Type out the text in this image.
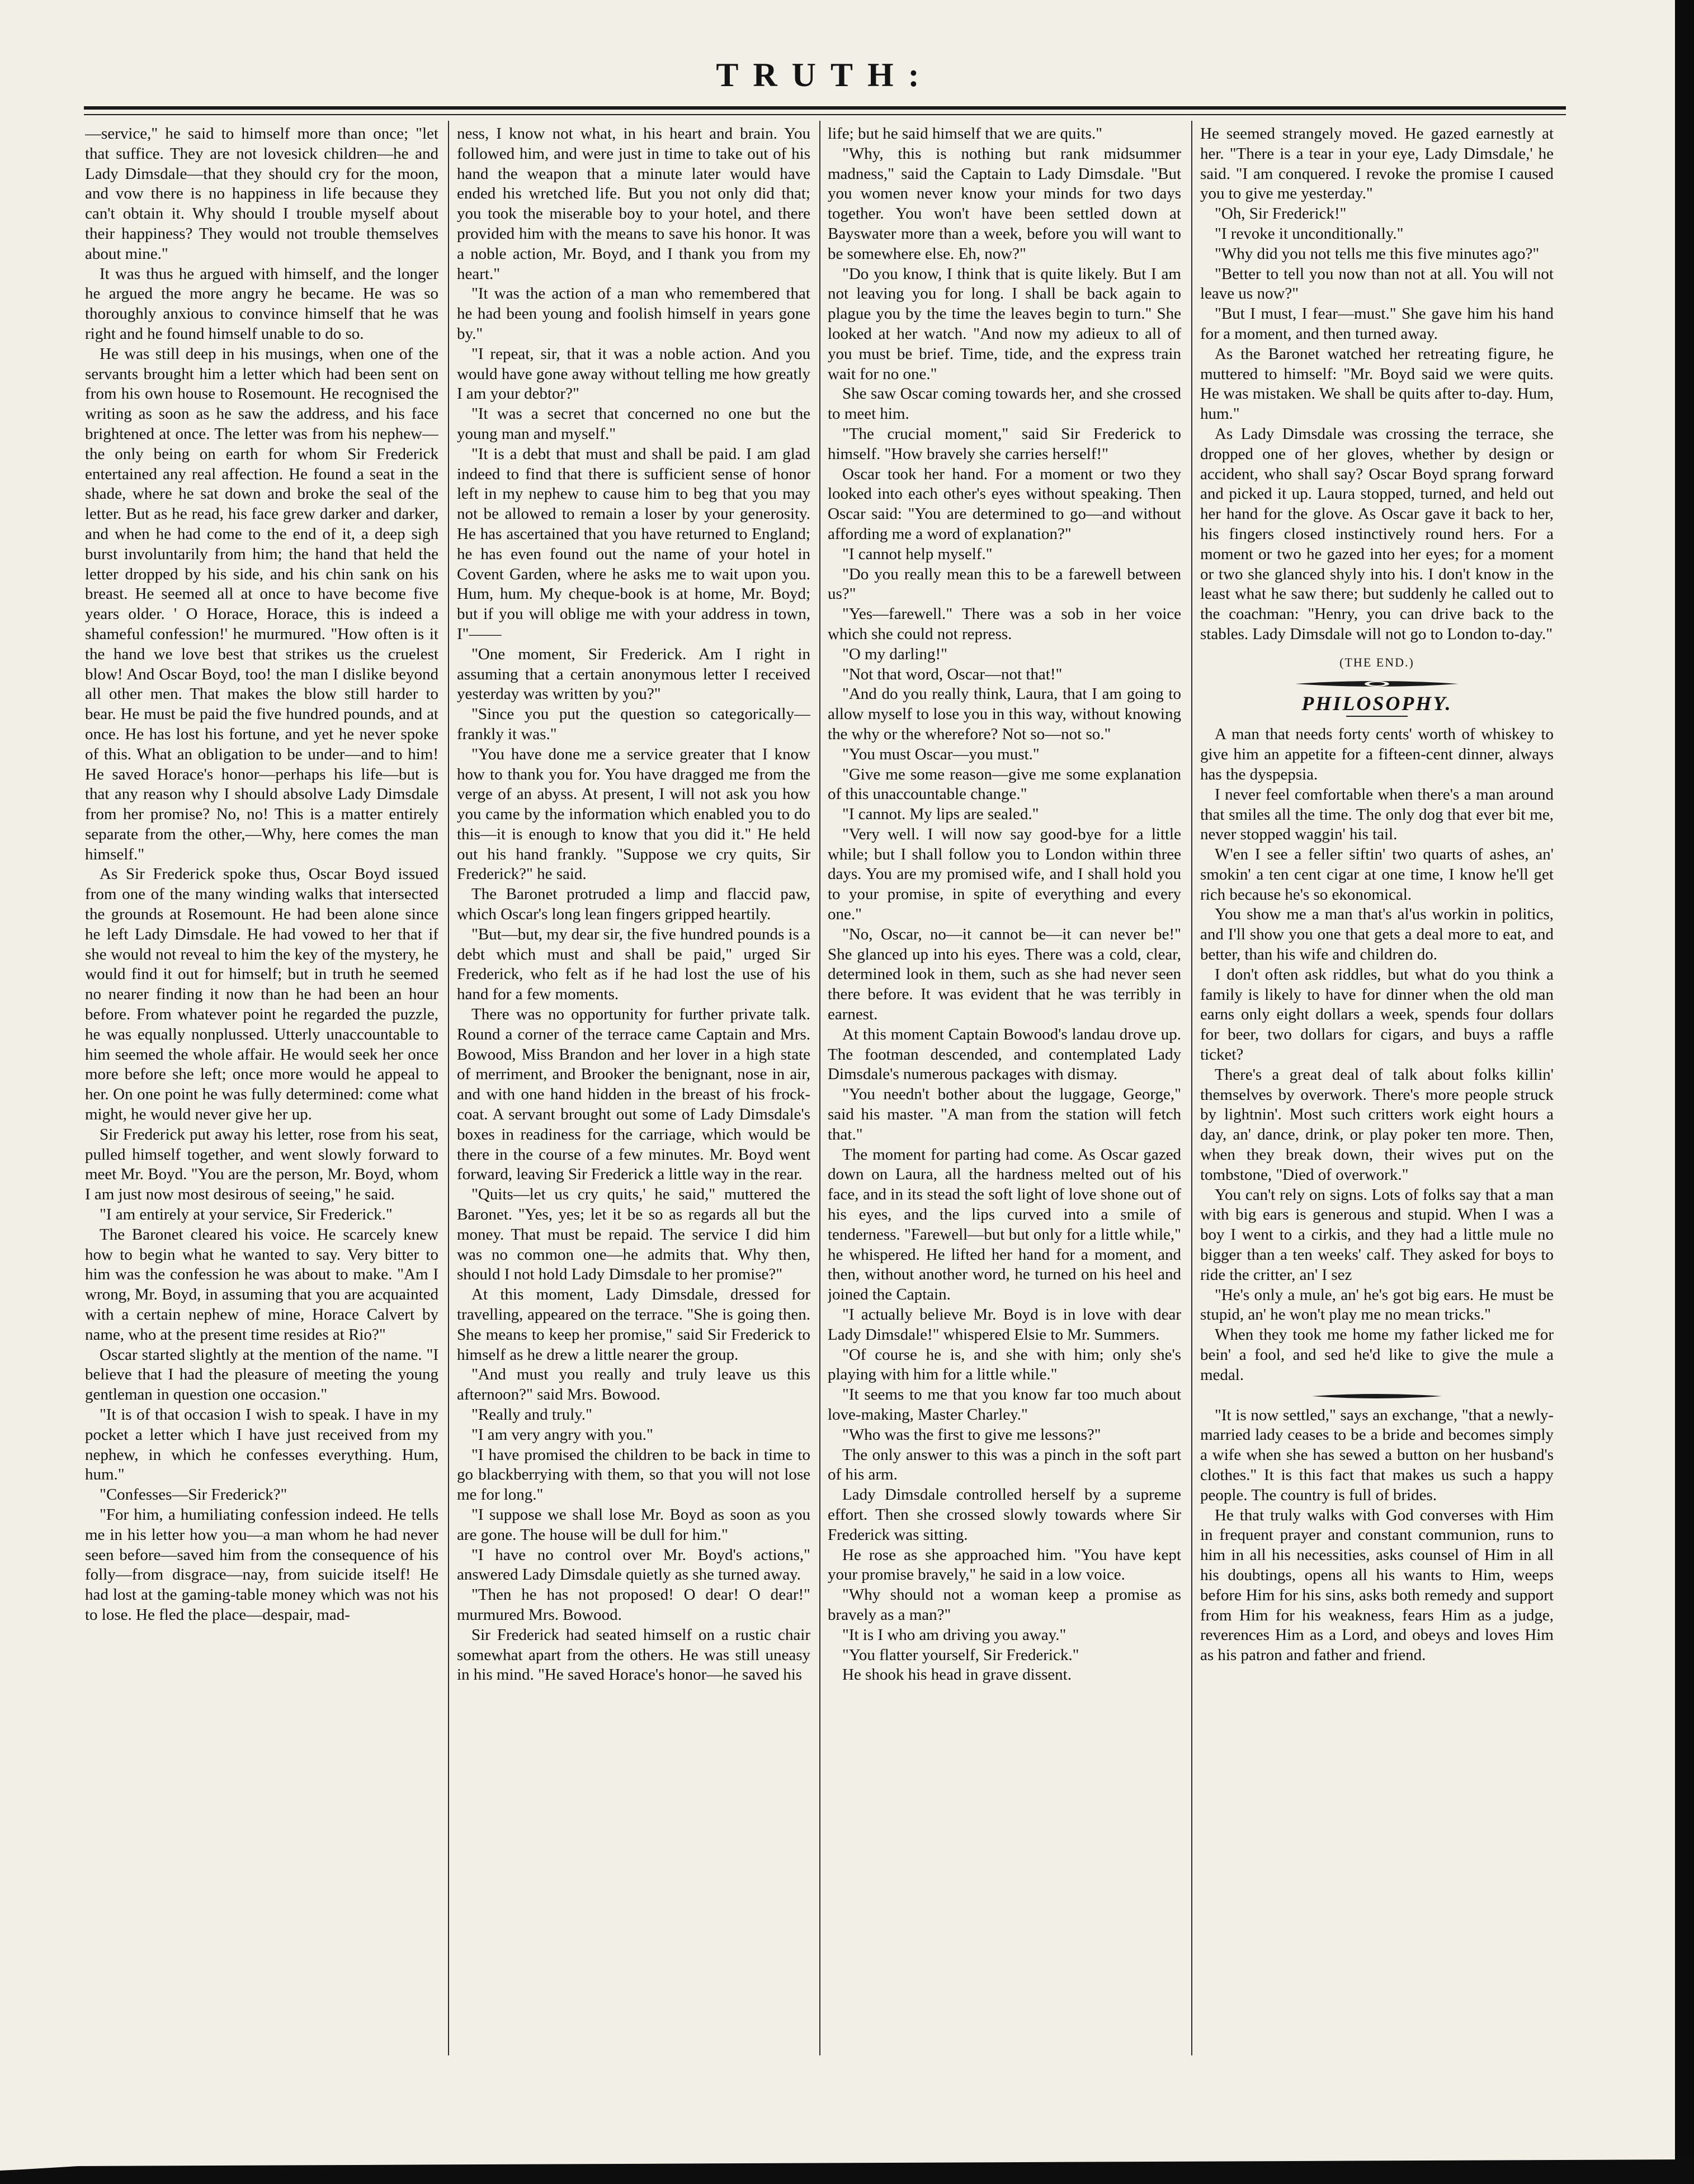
TRUTH:

—service," he said to himself more than once; "let that suffice. They are not lovesick children—he and Lady Dimsdale—that they should cry for the moon, and vow there is no happiness in life because they can't obtain it. Why should I trouble myself about their happiness? They would not trouble themselves about mine."

It was thus he argued with himself, and the longer he argued the more angry he became. He was so thoroughly anxious to convince himself that he was right and he found himself unable to do so.

He was still deep in his musings, when one of the servants brought him a letter which had been sent on from his own house to Rosemount. He recognised the writing as soon as he saw the address, and his face brightened at once. The letter was from his nephew—the only being on earth for whom Sir Frederick entertained any real affection. He found a seat in the shade, where he sat down and broke the seal of the letter. But as he read, his face grew darker and darker, and when he had come to the end of it, a deep sigh burst involuntarily from him; the hand that held the letter dropped by his side, and his chin sank on his breast. He seemed all at once to have become five years older. ' O Horace, Horace, this is indeed a shameful confession!' he murmured. "How often is it the hand we love best that strikes us the cruelest blow! And Oscar Boyd, too! the man I dislike beyond all other men. That makes the blow still harder to bear. He must be paid the five hundred pounds, and at once. He has lost his fortune, and yet he never spoke of this. What an obligation to be under—and to him! He saved Horace's honor—perhaps his life—but is that any reason why I should absolve Lady Dimsdale from her promise? No, no! This is a matter entirely separate from the other,—Why, here comes the man himself."

As Sir Frederick spoke thus, Oscar Boyd issued from one of the many winding walks that intersected the grounds at Rosemount. He had been alone since he left Lady Dimsdale. He had vowed to her that if she would not reveal to him the key of the mystery, he would find it out for himself; but in truth he seemed no nearer finding it now than he had been an hour before. From whatever point he regarded the puzzle, he was equally nonplussed. Utterly unaccountable to him seemed the whole affair. He would seek her once more before she left; once more would he appeal to her. On one point he was fully determined: come what might, he would never give her up.

Sir Frederick put away his letter, rose from his seat, pulled himself together, and went slowly forward to meet Mr. Boyd. "You are the person, Mr. Boyd, whom I am just now most desirous of seeing," he said.

"I am entirely at your service, Sir Frederick."

The Baronet cleared his voice. He scarcely knew how to begin what he wanted to say. Very bitter to him was the confession he was about to make. "Am I wrong, Mr. Boyd, in assuming that you are acquainted with a certain nephew of mine, Horace Calvert by name, who at the present time resides at Rio?"

Oscar started slightly at the mention of the name. "I believe that I had the pleasure of meeting the young gentleman in question one occasion."

"It is of that occasion I wish to speak. I have in my pocket a letter which I have just received from my nephew, in which he confesses everything. Hum, hum."

"Confesses—Sir Frederick?"

"For him, a humiliating confession indeed. He tells me in his letter how you—a man whom he had never seen before—saved him from the consequence of his folly—from disgrace—nay, from suicide itself! He had lost at the gaming-table money which was not his to lose. He fled the place—despair, mad-

ness, I know not what, in his heart and brain. You followed him, and were just in time to take out of his hand the weapon that a minute later would have ended his wretched life. But you not only did that; you took the miserable boy to your hotel, and there provided him with the means to save his honor. It was a noble action, Mr. Boyd, and I thank you from my heart."

"It was the action of a man who remembered that he had been young and foolish himself in years gone by."

"I repeat, sir, that it was a noble action. And you would have gone away without telling me how greatly I am your debtor?"

"It was a secret that concerned no one but the young man and myself."

"It is a debt that must and shall be paid. I am glad indeed to find that there is sufficient sense of honor left in my nephew to cause him to beg that you may not be allowed to remain a loser by your generosity. He has ascertained that you have returned to England; he has even found out the name of your hotel in Covent Garden, where he asks me to wait upon you. Hum, hum. My cheque-book is at home, Mr. Boyd; but if you will oblige me with your address in town, I"——

"One moment, Sir Frederick. Am I right in assuming that a certain anonymous letter I received yesterday was written by you?"

"Since you put the question so categorically—frankly it was."

"You have done me a service greater that I know how to thank you for. You have dragged me from the verge of an abyss. At present, I will not ask you how you came by the information which enabled you to do this—it is enough to know that you did it." He held out his hand frankly. "Suppose we cry quits, Sir Frederick?" he said.

The Baronet protruded a limp and flaccid paw, which Oscar's long lean fingers gripped heartily.

"But—but, my dear sir, the five hundred pounds is a debt which must and shall be paid," urged Sir Frederick, who felt as if he had lost the use of his hand for a few moments.

There was no opportunity for further private talk. Round a corner of the terrace came Captain and Mrs. Bowood, Miss Brandon and her lover in a high state of merriment, and Brooker the benignant, nose in air, and with one hand hidden in the breast of his frock-coat. A servant brought out some of Lady Dimsdale's boxes in readiness for the carriage, which would be there in the course of a few minutes. Mr. Boyd went forward, leaving Sir Frederick a little way in the rear.

"Quits—let us cry quits,' he said," muttered the Baronet. "Yes, yes; let it be so as regards all but the money. That must be repaid. The service I did him was no common one—he admits that. Why then, should I not hold Lady Dimsdale to her promise?"

At this moment, Lady Dimsdale, dressed for travelling, appeared on the terrace. "She is going then. She means to keep her promise," said Sir Frederick to himself as he drew a little nearer the group.

"And must you really and truly leave us this afternoon?" said Mrs. Bowood.

"Really and truly."

"I am very angry with you."

"I have promised the children to be back in time to go blackberrying with them, so that you will not lose me for long."

"I suppose we shall lose Mr. Boyd as soon as you are gone. The house will be dull for him."

"I have no control over Mr. Boyd's actions," answered Lady Dimsdale quietly as she turned away.

"Then he has not proposed! O dear! O dear!" murmured Mrs. Bowood.

Sir Frederick had seated himself on a rustic chair somewhat apart from the others. He was still uneasy in his mind. "He saved Horace's honor—he saved his

life; but he said himself that we are quits."

"Why, this is nothing but rank midsummer madness," said the Captain to Lady Dimsdale. "But you women never know your minds for two days together. You won't have been settled down at Bayswater more than a week, before you will want to be somewhere else. Eh, now?"

"Do you know, I think that is quite likely. But I am not leaving you for long. I shall be back again to plague you by the time the leaves begin to turn." She looked at her watch. "And now my adieux to all of you must be brief. Time, tide, and the express train wait for no one."

She saw Oscar coming towards her, and she crossed to meet him.

"The crucial moment," said Sir Frederick to himself. "How bravely she carries herself!"

Oscar took her hand. For a moment or two they looked into each other's eyes without speaking. Then Oscar said: "You are determined to go—and without affording me a word of explanation?"

"I cannot help myself."

"Do you really mean this to be a farewell between us?"

"Yes—farewell." There was a sob in her voice which she could not repress.

"O my darling!"

"Not that word, Oscar—not that!"

"And do you really think, Laura, that I am going to allow myself to lose you in this way, without knowing the why or the wherefore? Not so—not so."

"You must Oscar—you must."

"Give me some reason—give me some explanation of this unaccountable change."

"I cannot. My lips are sealed."

"Very well. I will now say good-bye for a little while; but I shall follow you to London within three days. You are my promised wife, and I shall hold you to your promise, in spite of everything and every one."

"No, Oscar, no—it cannot be—it can never be!" She glanced up into his eyes. There was a cold, clear, determined look in them, such as she had never seen there before. It was evident that he was terribly in earnest.

At this moment Captain Bowood's landau drove up. The footman descended, and contemplated Lady Dimsdale's numerous packages with dismay.

"You needn't bother about the luggage, George," said his master. "A man from the station will fetch that."

The moment for parting had come. As Oscar gazed down on Laura, all the hardness melted out of his face, and in its stead the soft light of love shone out of his eyes, and the lips curved into a smile of tenderness. "Farewell—but but only for a little while," he whispered. He lifted her hand for a moment, and then, without another word, he turned on his heel and joined the Captain.

"I actually believe Mr. Boyd is in love with dear Lady Dimsdale!" whispered Elsie to Mr. Summers.

"Of course he is, and she with him; only she's playing with him for a little while."

"It seems to me that you know far too much about love-making, Master Charley."

"Who was the first to give me lessons?"

The only answer to this was a pinch in the soft part of his arm.

Lady Dimsdale controlled herself by a supreme effort. Then she crossed slowly towards where Sir Frederick was sitting.

He rose as she approached him. "You have kept your promise bravely," he said in a low voice.

"Why should not a woman keep a promise as bravely as a man?"

"It is I who am driving you away."

"You flatter yourself, Sir Frederick."

He shook his head in grave dissent.

He seemed strangely moved. He gazed earnestly at her. "There is a tear in your eye, Lady Dimsdale,' he said. "I am conquered. I revoke the promise I caused you to give me yesterday."

"Oh, Sir Frederick!"

"I revoke it unconditionally."

"Why did you not tells me this five minutes ago?"

"Better to tell you now than not at all. You will not leave us now?"

"But I must, I fear—must." She gave him his hand for a moment, and then turned away.

As the Baronet watched her retreating figure, he muttered to himself: "Mr. Boyd said we were quits. He was mistaken. We shall be quits after to-day. Hum, hum."

As Lady Dimsdale was crossing the terrace, she dropped one of her gloves, whether by design or accident, who shall say? Oscar Boyd sprang forward and picked it up. Laura stopped, turned, and held out her hand for the glove. As Oscar gave it back to her, his fingers closed instinctively round hers. For a moment or two he gazed into her eyes; for a moment or two she glanced shyly into his. I don't know in the least what he saw there; but suddenly he called out to the coachman: "Henry, you can drive back to the stables. Lady Dimsdale will not go to London to-day."

(THE END.)
PHILOSOPHY.

A man that needs forty cents' worth of whiskey to give him an appetite for a fifteen-cent dinner, always has the dyspepsia.

I never feel comfortable when there's a man around that smiles all the time. The only dog that ever bit me, never stopped waggin' his tail.

W'en I see a feller siftin' two quarts of ashes, an' smokin' a ten cent cigar at one time, I know he'll get rich because he's so ekonomical.

You show me a man that's al'us workin in politics, and I'll show you one that gets a deal more to eat, and better, than his wife and children do.

I don't often ask riddles, but what do you think a family is likely to have for dinner when the old man earns only eight dollars a week, spends four dollars for beer, two dollars for cigars, and buys a raffle ticket?

There's a great deal of talk about folks killin' themselves by overwork. There's more people struck by lightnin'. Most such critters work eight hours a day, an' dance, drink, or play poker ten more. Then, when they break down, their wives put on the tombstone, "Died of overwork."

You can't rely on signs. Lots of folks say that a man with big ears is generous and stupid. When I was a boy I went to a cirkis, and they had a little mule no bigger than a ten weeks' calf. They asked for boys to ride the critter, an' I sez

"He's only a mule, an' he's got big ears. He must be stupid, an' he won't play me no mean tricks."

When they took me home my father licked me for bein' a fool, and sed he'd like to give the mule a medal.

"It is now settled," says an exchange, "that a newly-married lady ceases to be a bride and becomes simply a wife when she has sewed a button on her husband's clothes." It is this fact that makes us such a happy people. The country is full of brides.

He that truly walks with God converses with Him in frequent prayer and constant communion, runs to him in all his necessities, asks counsel of Him in all his doubtings, opens all his wants to Him, weeps before Him for his sins, asks both remedy and support from Him for his weakness, fears Him as a judge, reverences Him as a Lord, and obeys and loves Him as his patron and father and friend.
